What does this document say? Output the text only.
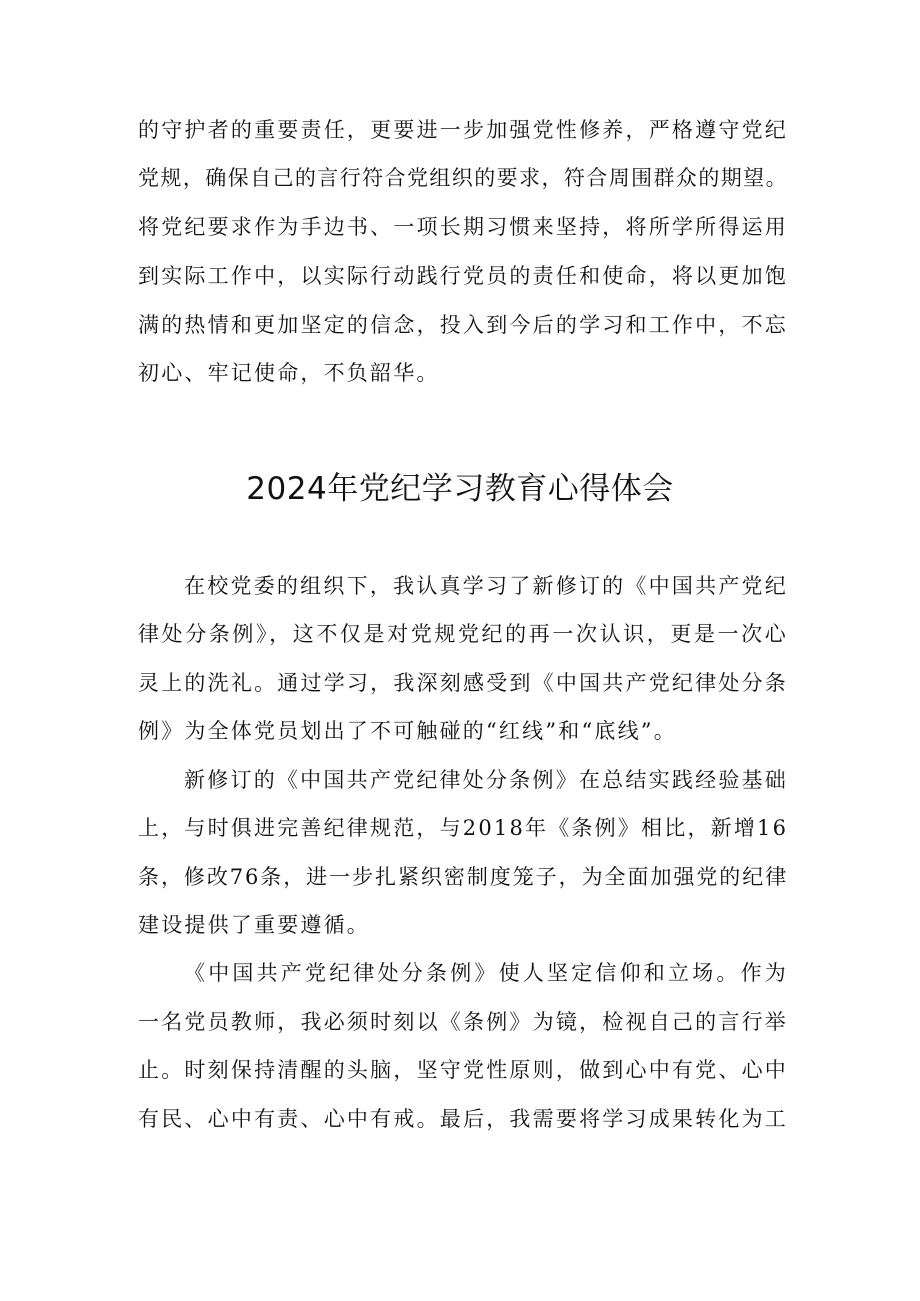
的守护者的重要责任，更要进一步加强党性修养，严格遵守党纪
党规，确保自己的言行符合党组织的要求，符合周围群众的期望。
将党纪要求作为手边书、一项长期习惯来坚持，将所学所得运用
到实际工作中，以实际行动践行党员的责任和使命，将以更加饱
满的热情和更加坚定的信念，投入到今后的学习和工作中，不忘
初心、牢记使命，不负韶华。
2024年党纪学习教育心得体会
在校党委的组织下，我认真学习了新修订的《中国共产党纪
律处分条例》，这不仅是对党规党纪的再一次认识，更是一次心
灵上的洗礼。通过学习，我深刻感受到《中国共产党纪律处分条
例》为全体党员划出了不可触碰的“红线”和“底线”。
新修订的《中国共产党纪律处分条例》在总结实践经验基础
上，与时俱进完善纪律规范，与2018年《条例》相比，新增16
条，修改76条，进一步扎紧织密制度笼子，为全面加强党的纪律
建设提供了重要遵循。
《中国共产党纪律处分条例》使人坚定信仰和立场。作为
一名党员教师，我必须时刻以《条例》为镜，检视自己的言行举
止。时刻保持清醒的头脑，坚守党性原则，做到心中有党、心中
有民、心中有责、心中有戒。最后，我需要将学习成果转化为工
